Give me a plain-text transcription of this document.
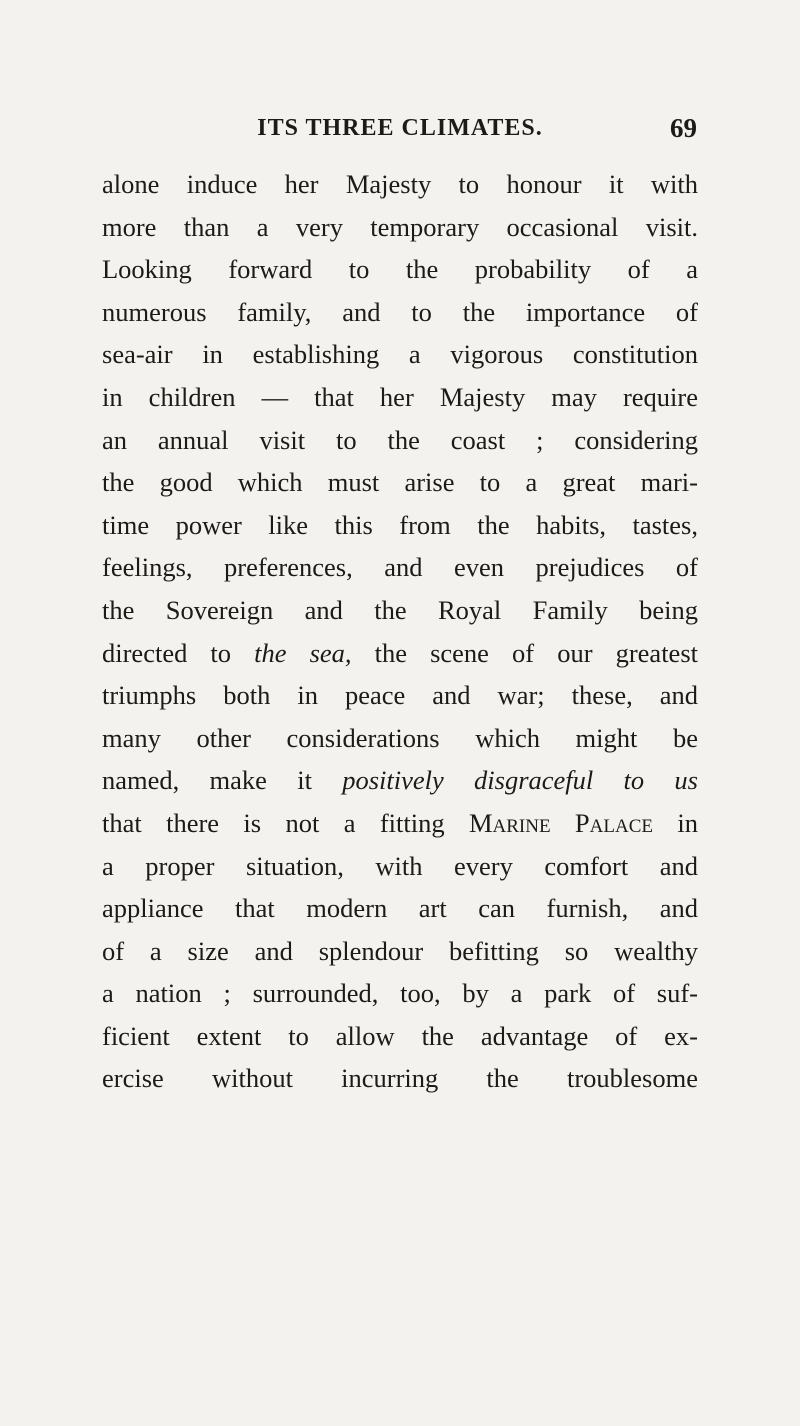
ITS THREE CLIMATES.	69
alone induce her Majesty to honour it with
more than a very temporary occasional visit.
Looking forward to the probability of a
numerous family, and to the importance of
sea-air in establishing a vigorous constitution
in children — that her Majesty may require
an annual visit to the coast ; considering
the good which must arise to a great mari-
time power like this from the habits, tastes,
feelings, preferences, and even prejudices of
the Sovereign and the Royal Family being
directed to the sea, the scene of our greatest
triumphs both in peace and war; these, and
many other considerations which might be
named, make it positively disgraceful to us
that there is not a fitting Marine Palace in
a proper situation, with every comfort and
appliance that modern art can furnish, and
of a size and splendour befitting so wealthy
a nation ; surrounded, too, by a park of suf-
ficient extent to allow the advantage of ex-
ercise without incurring the troublesome
